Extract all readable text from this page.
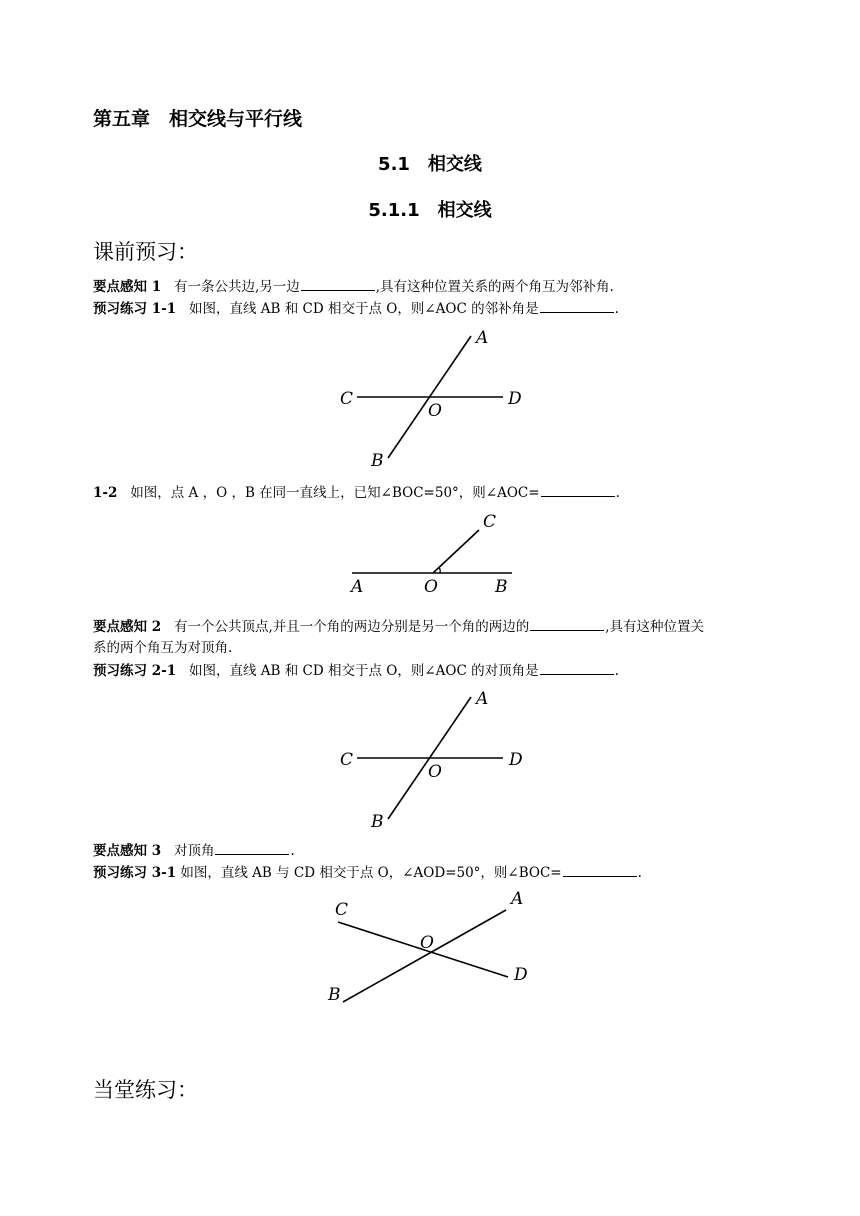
第五章　相交线与平行线
5.1　相交线
5.1.1　相交线
课前预习：
要点感知 1 有一条公共边,另一边	,具有这种位置关系的两个角互为邻补角.
预习练习 1-1 如图，直线 AB 和 CD 相交于点 O，则∠AOC 的邻补角是	.
C	D
A
B
O
1-2 如图，点 A ，O ，B 在同一直线上，已知∠BOC=50°，则∠AOC=	.
A	O	B
C
要点感知 2 有一个公共顶点,并且一个角的两边分别是另一个角的两边的	,具有这种位置关
系的两个角互为对顶角.
预习练习 2-1 如图，直线 AB 和 CD 相交于点 O，则∠AOC 的对顶角是	.
C	D
A
B
O
要点感知 3 对顶角	.
预习练习 3-1 如图，直线 AB 与 CD 相交于点 O，∠AOD=50°，则∠BOC=	.
C
A
O
D
B
当堂练习：
